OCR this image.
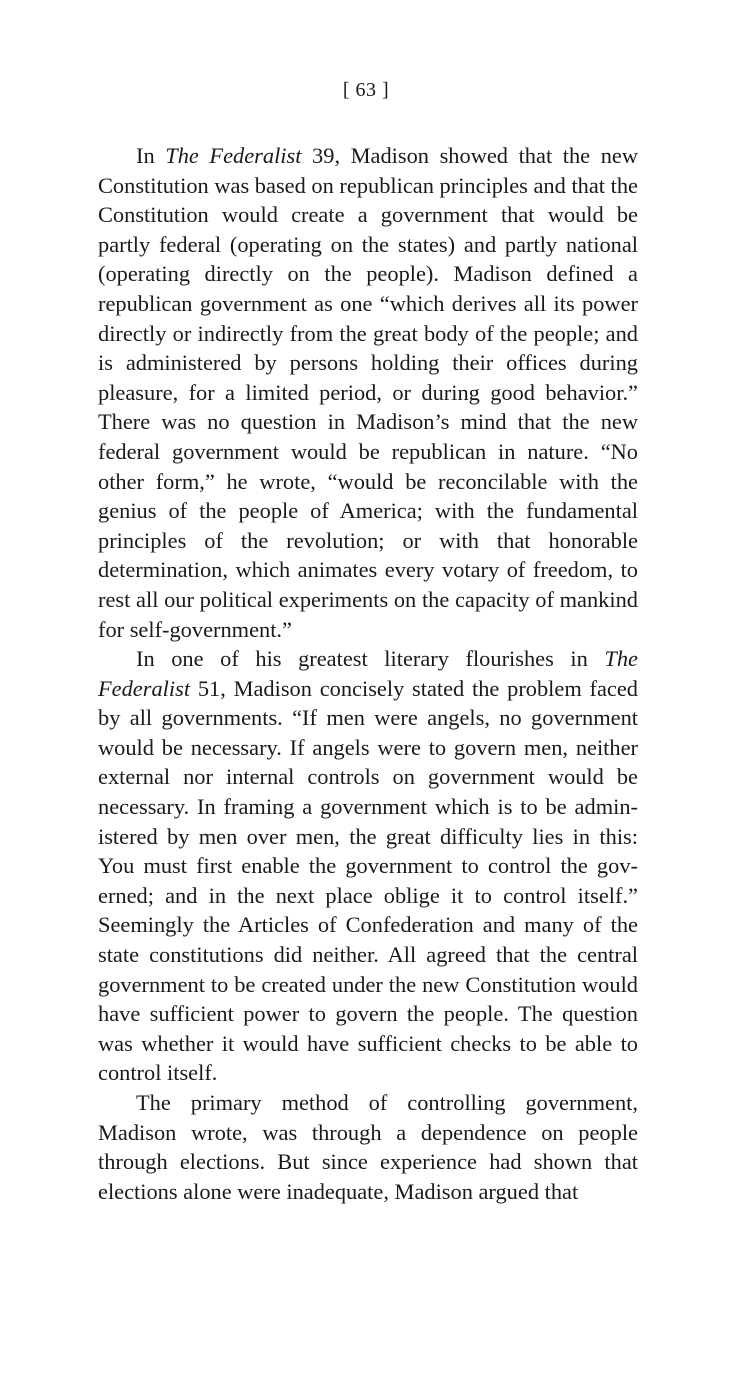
[ 63 ]

In The Federalist 39, Madison showed that the new Constitution was based on republican principles and that the Constitution would create a government that would be partly federal (operating on the states) and partly national (operating directly on the people). Madison defined a republican government as one “which derives all its power directly or indirectly from the great body of the people; and is administered by persons holding their offices during pleasure, for a limited period, or during good behavior.” There was no question in Madison’s mind that the new federal government would be republican in nature. “No other form,” he wrote, “would be reconcilable with the genius of the people of America; with the fundamental principles of the revolution; or with that honorable determination, which animates every votary of freedom, to rest all our political experiments on the capacity of mankind for self-government.”

In one of his greatest literary flourishes in The Federalist 51, Madison concisely stated the problem faced by all governments. “If men were angels, no government would be necessary. If angels were to govern men, neither external nor internal controls on government would be necessary. In framing a government which is to be administered by men over men, the great difficulty lies in this: You must first enable the government to control the governed; and in the next place oblige it to control itself.” Seemingly the Articles of Confederation and many of the state constitutions did neither. All agreed that the central government to be created under the new Constitution would have sufficient power to govern the people. The question was whether it would have sufficient checks to be able to control itself.

The primary method of controlling government, Madison wrote, was through a dependence on people through elections. But since experience had shown that elections alone were inadequate, Madison argued that
